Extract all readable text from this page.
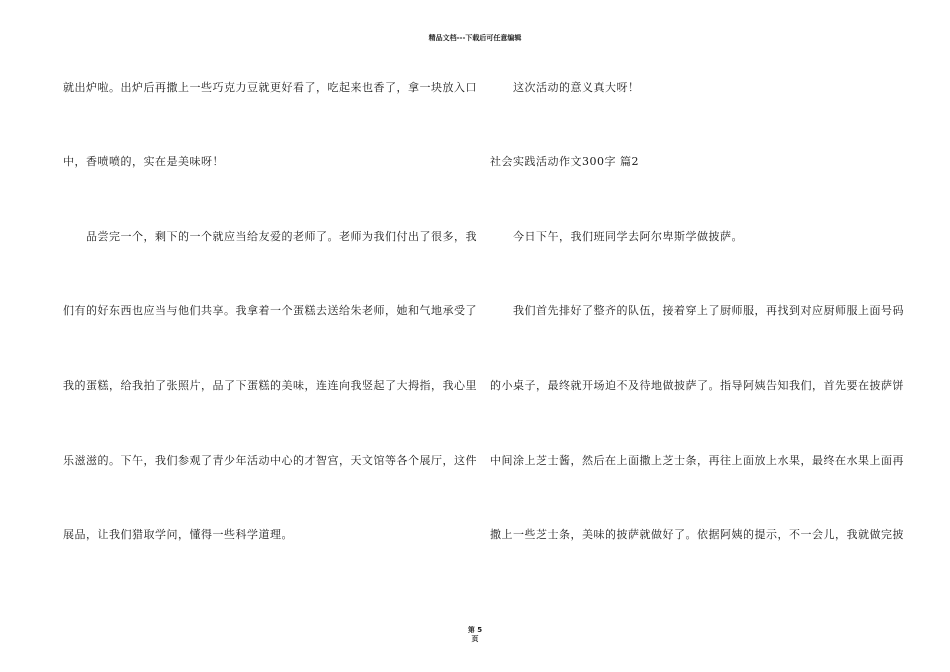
精品文档---下载后可任意编辑
就出炉啦。出炉后再撒上一些巧克力豆就更好看了，吃起来也香了，拿一块放入口
中，香喷喷的，实在是美味呀！
品尝完一个，剩下的一个就应当给友爱的老师了。老师为我们付出了很多，我
们有的好东西也应当与他们共享。我拿着一个蛋糕去送给朱老师，她和气地承受了
我的蛋糕，给我拍了张照片，品了下蛋糕的美味，连连向我竖起了大拇指，我心里
乐滋滋的。下午，我们参观了青少年活动中心的才智宫，天文馆等各个展厅，这件
展品，让我们猎取学问，懂得一些科学道理。
这次活动的意义真大呀！
社会实践活动作文300字 篇2
今日下午，我们班同学去阿尔卑斯学做披萨。
我们首先排好了整齐的队伍，接着穿上了厨师服，再找到对应厨师服上面号码
的小桌子，最终就开场迫不及待地做披萨了。指导阿姨告知我们，首先要在披萨饼
中间涂上芝士酱，然后在上面撒上芝士条，再往上面放上水果，最终在水果上面再
撒上一些芝士条，美味的披萨就做好了。依据阿姨的提示，不一会儿，我就做完披
第 5
页
